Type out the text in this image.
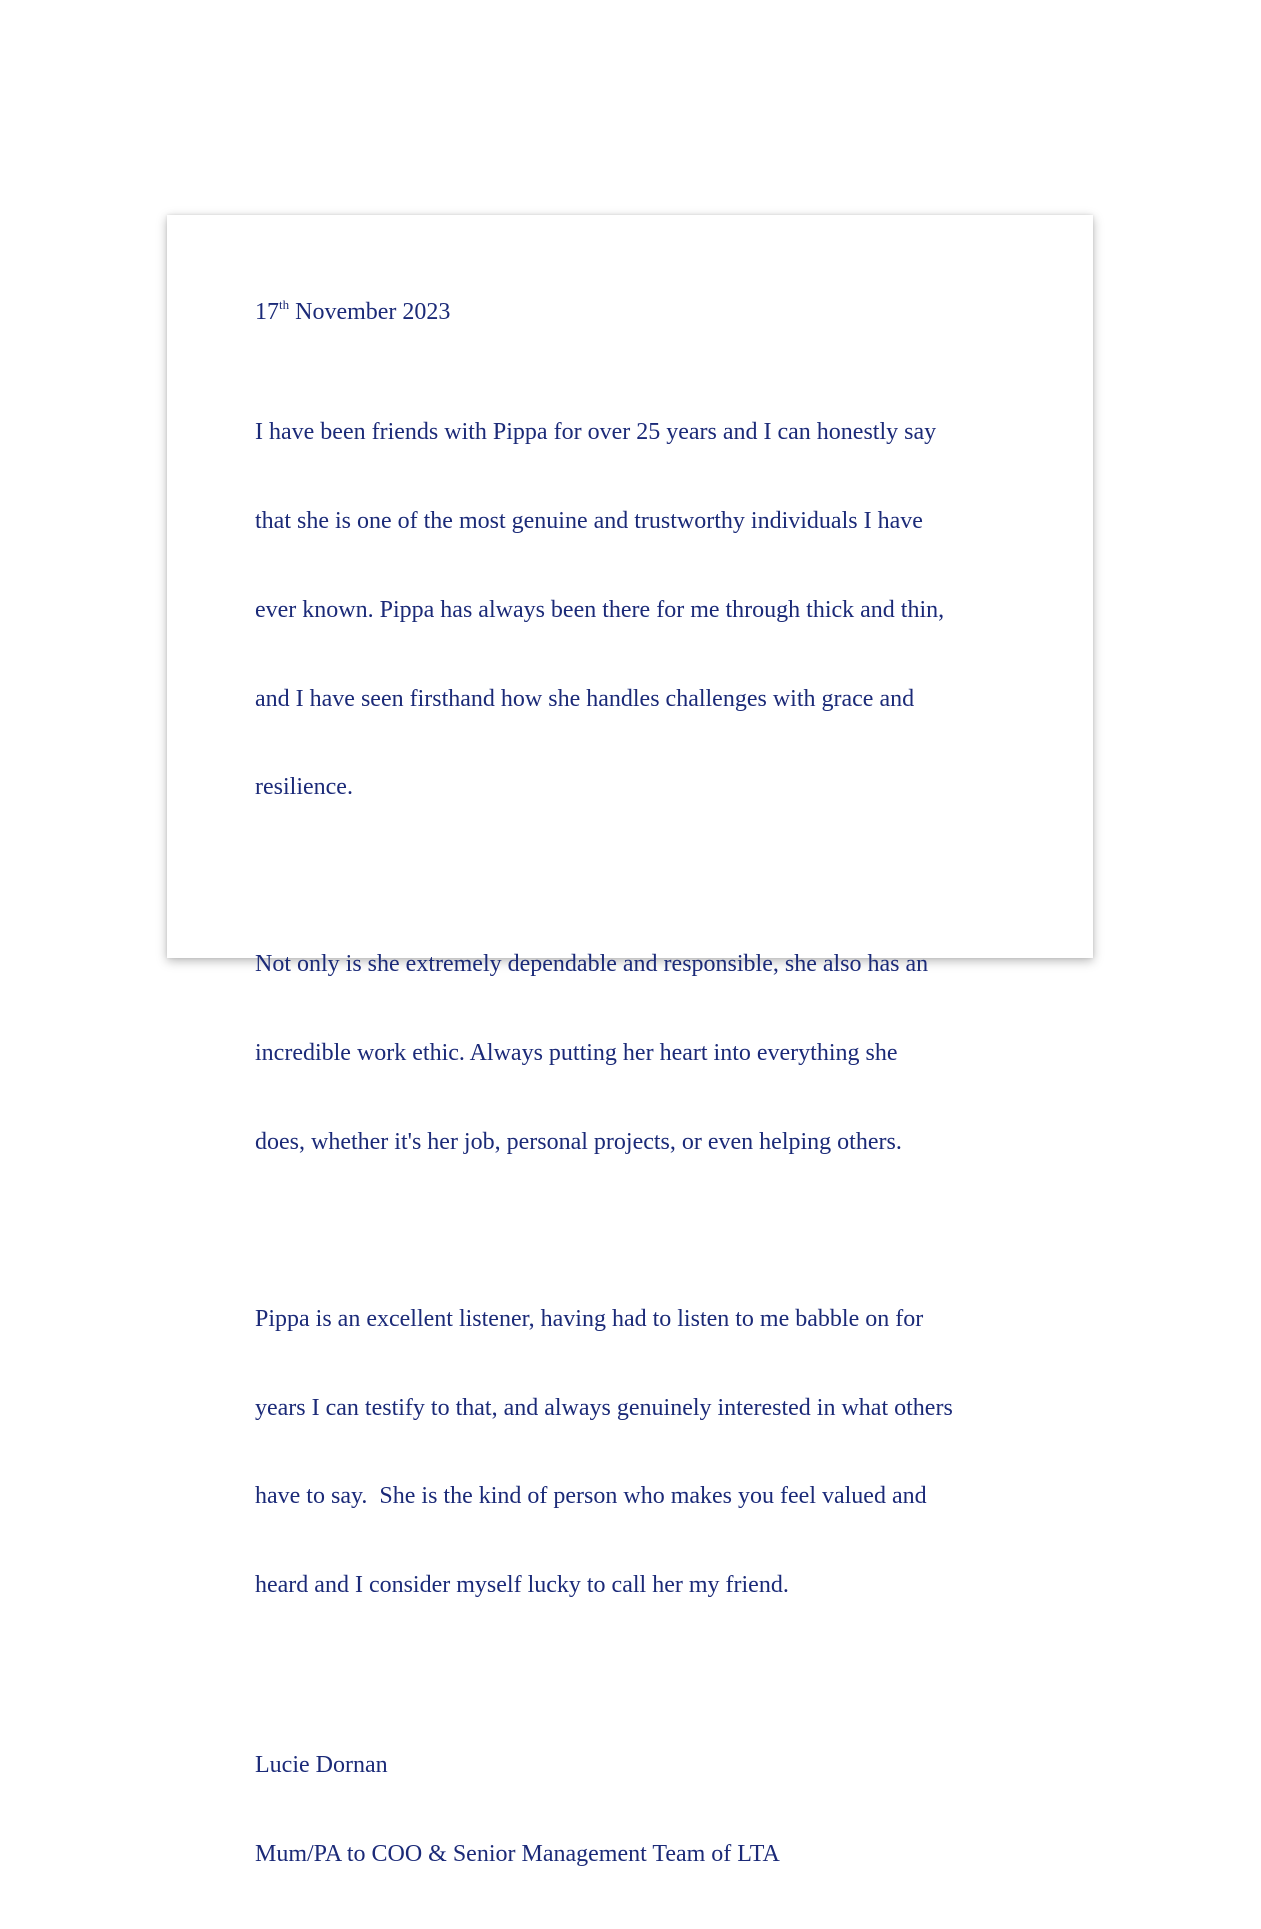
17th November 2023

I have been friends with Pippa for over 25 years and I can honestly say

that she is one of the most genuine and trustworthy individuals I have

ever known. Pippa has always been there for me through thick and thin,

and I have seen firsthand how she handles challenges with grace and

resilience.

Not only is she extremely dependable and responsible, she also has an

incredible work ethic. Always putting her heart into everything she

does, whether it's her job, personal projects, or even helping others.

Pippa is an excellent listener, having had to listen to me babble on for

years I can testify to that, and always genuinely interested in what others

have to say.  She is the kind of person who makes you feel valued and

heard and I consider myself lucky to call her my friend.

Lucie Dornan

Mum/PA to COO & Senior Management Team of LTA
